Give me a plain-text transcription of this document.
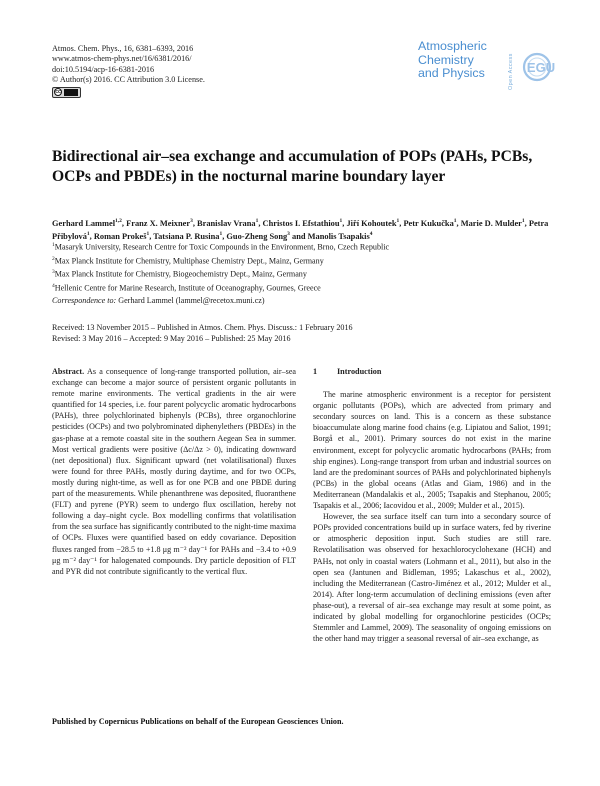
Atmos. Chem. Phys., 16, 6381–6393, 2016
www.atmos-chem-phys.net/16/6381/2016/
doi:10.5194/acp-16-6381-2016
© Author(s) 2016. CC Attribution 3.0 License.
cc
Atmospheric
Chemistry
and Physics	Open Access EGU
Bidirectional air–sea exchange and accumulation of POPs (PAHs, PCBs, OCPs and PBDEs) in the nocturnal marine boundary layer
Gerhard Lammel$^{1,2}$, Franz X. Meixner$^3$, Branislav Vrana$^1$, Christos I. Efstathiou$^1$, Jiří Kohoutek$^1$, Petr Kukučka$^1$, Marie D. Mulder$^1$, Petra Přibylová$^1$, Roman Prokeš$^1$, Tatsiana P. Rusina$^1$, Guo-Zheng Song$^3$ and Manolis Tsapakis$^4$
$^1$Masaryk University, Research Centre for Toxic Compounds in the Environment, Brno, Czech Republic
$^2$Max Planck Institute for Chemistry, Multiphase Chemistry Dept., Mainz, Germany
$^3$Max Planck Institute for Chemistry, Biogeochemistry Dept., Mainz, Germany
$^4$Hellenic Centre for Marine Research, Institute of Oceanography, Gournes, Greece
Correspondence to: Gerhard Lammel (lammel@recetox.muni.cz)
Received: 13 November 2015 – Published in Atmos. Chem. Phys. Discuss.: 1 February 2016
Revised: 3 May 2016 – Accepted: 9 May 2016 – Published: 25 May 2016
Abstract. As a consequence of long-range transported pollution, air–sea exchange can become a major source of persistent organic pollutants in remote marine environments. The vertical gradients in the air were quantified for 14 species, i.e. four parent polycyclic aromatic hydrocarbons (PAHs), three polychlorinated biphenyls (PCBs), three organochlorine pesticides (OCPs) and two polybrominated diphenylethers (PBDEs) in the gas-phase at a remote coastal site in the southern Aegean Sea in summer. Most vertical gradients were positive (Δc/Δz > 0), indicating downward (net depositional) flux. Significant upward (net volatilisational) fluxes were found for three PAHs, mostly during daytime, and for two OCPs, mostly during night-time, as well as for one PCB and one PBDE during part of the measurements. While phenanthrene was deposited, fluoranthene (FLT) and pyrene (PYR) seem to undergo flux oscillation, hereby not following a day–night cycle. Box modelling confirms that volatilisation from the sea surface has significantly contributed to the night-time maxima of OCPs. Fluxes were quantified based on eddy covariance. Deposition fluxes ranged from −28.5 to +1.8 μg m⁻² day⁻¹ for PAHs and −3.4 to +0.9 μg m⁻² day⁻¹ for halogenated compounds. Dry particle deposition of FLT and PYR did not contribute significantly to the vertical flux.
1 Introduction
The marine atmospheric environment is a receptor for persistent organic pollutants (POPs), which are advected from primary and secondary sources on land. This is a concern as these substance bioaccumulate along marine food chains (e.g. Lipiatou and Saliot, 1991; Borgå et al., 2001). Primary sources do not exist in the marine environment, except for polycyclic aromatic hydrocarbons (PAHs; from ship engines). Long-range transport from urban and industrial sources on land are the predominant sources of PAHs and polychlorinated biphenyls (PCBs) in the global oceans (Atlas and Giam, 1986) and in the Mediterranean (Mandalakis et al., 2005; Tsapakis and Stephanou, 2005; Tsapakis et al., 2006; Iacovidou et al., 2009; Mulder et al., 2015).
However, the sea surface itself can turn into a secondary source of POPs provided concentrations build up in surface waters, fed by riverine or atmospheric deposition input. Such studies are still rare. Revolatilisation was observed for hexachlorocyclohexane (HCH) and PAHs, not only in coastal waters (Lohmann et al., 2011), but also in the open sea (Jantunen and Bidleman, 1995; Lakaschus et al., 2002), including the Mediterranean (Castro-Jiménez et al., 2012; Mulder et al., 2014). After long-term accumulation of declining emissions (even after phase-out), a reversal of air–sea exchange may result at some point, as indicated by global modelling for organochlorine pesticides (OCPs; Stemmler and Lammel, 2009). The seasonality of ongoing emissions on the other hand may trigger a seasonal reversal of air–sea exchange, as
Published by Copernicus Publications on behalf of the European Geosciences Union.
